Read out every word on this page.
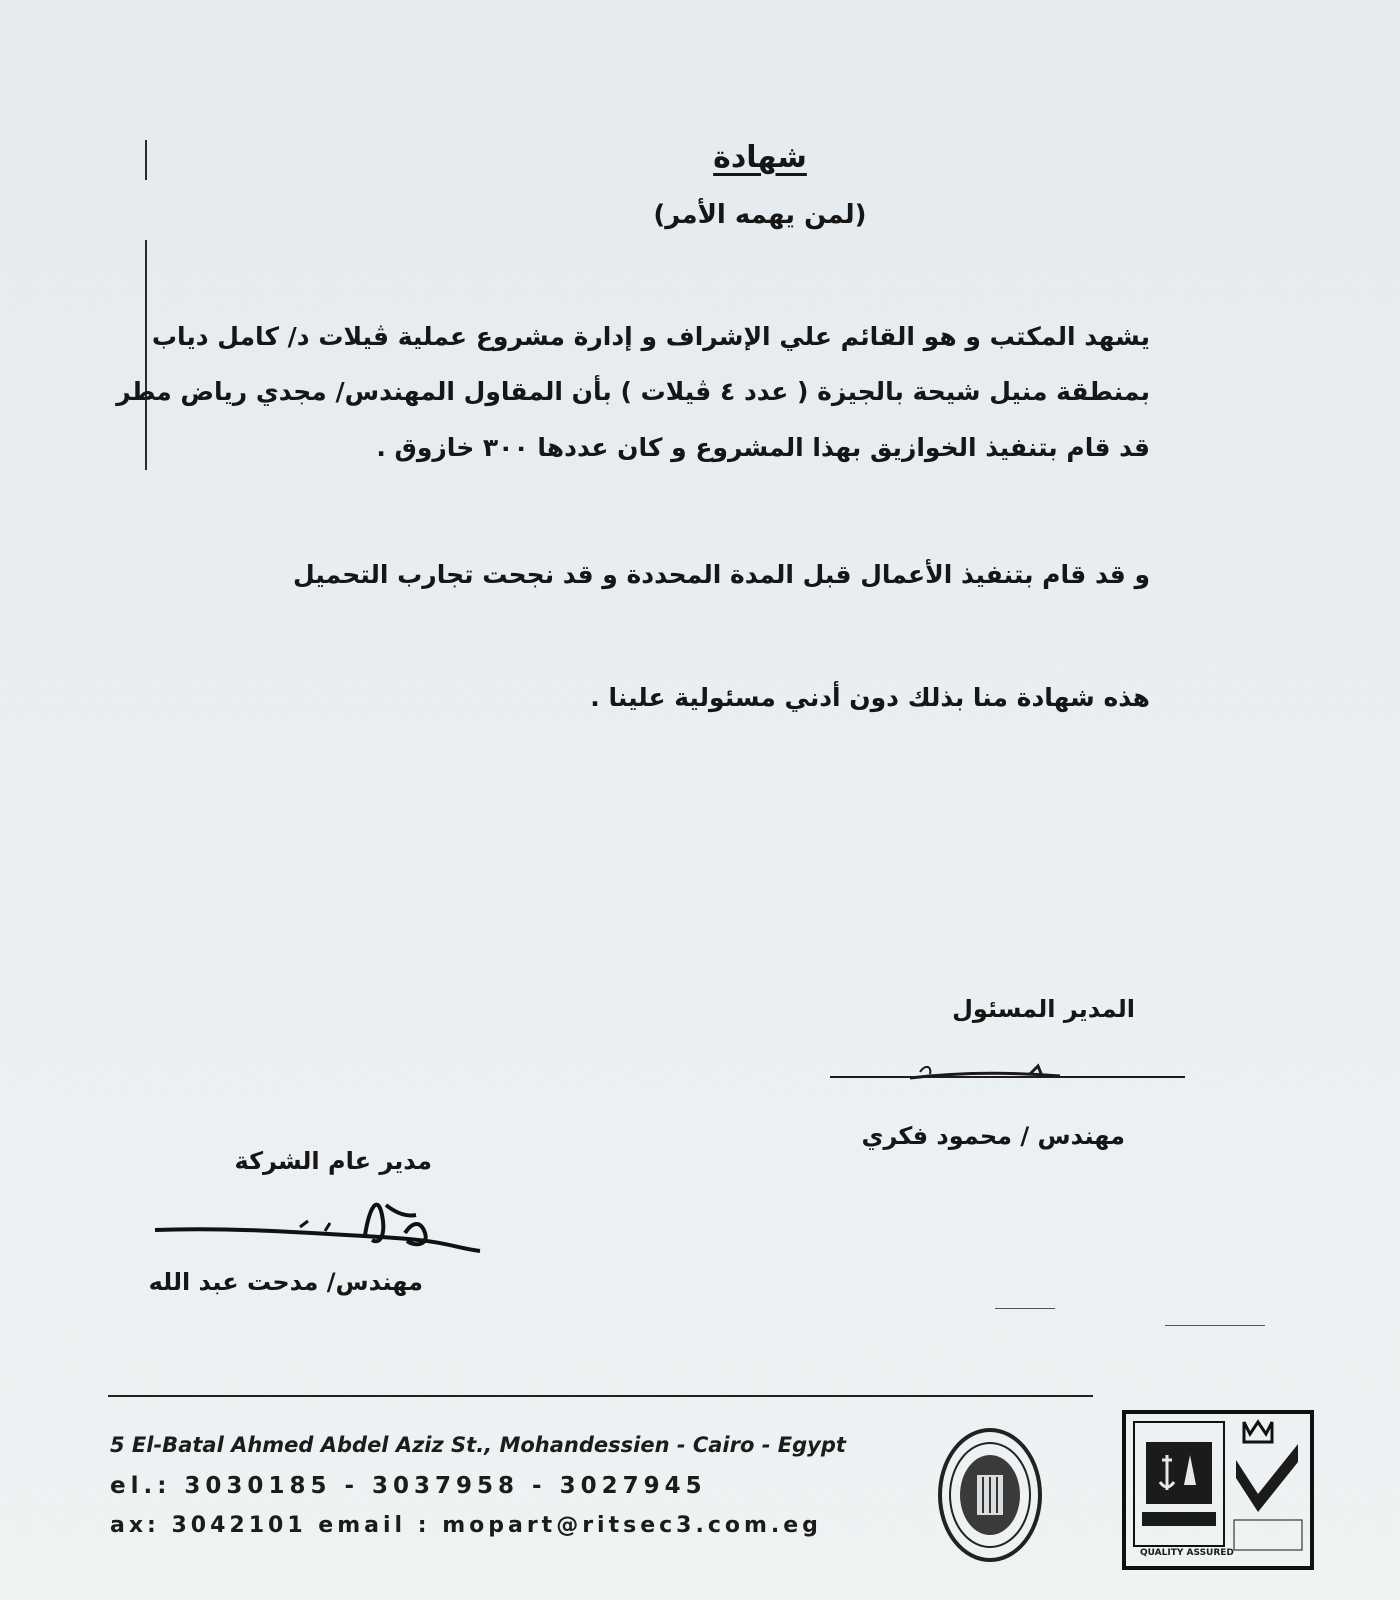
شهادة
(لمن يهمه الأمر)
يشهد المكتب و هو القائم علي الإشراف و إدارة مشروع عملية ڤيلات د/ كامل دياب
بمنطقة منيل شيحة بالجيزة ( عدد ٤ ڤيلات ) بأن المقاول المهندس/ مجدي رياض مطر
قد قام بتنفيذ الخوازيق بهذا المشروع و كان عددها ٣٠٠ خازوق .
و قد قام بتنفيذ الأعمال قبل المدة المحددة و قد نجحت تجارب التحميل
هذه شهادة منا بذلك دون أدني مسئولية علينا .
المدير المسئول
مهندس / محمود فكري
مدير عام الشركة
مهندس/ مدحت عبد الله
5 El-Batal Ahmed Abdel Aziz St., Mohandessien - Cairo - Egypt
el.: 3030185 - 3037958 - 3027945
ax: 3042101 email : mopart@ritsec3.com.eg
QUALITY ASSURED
